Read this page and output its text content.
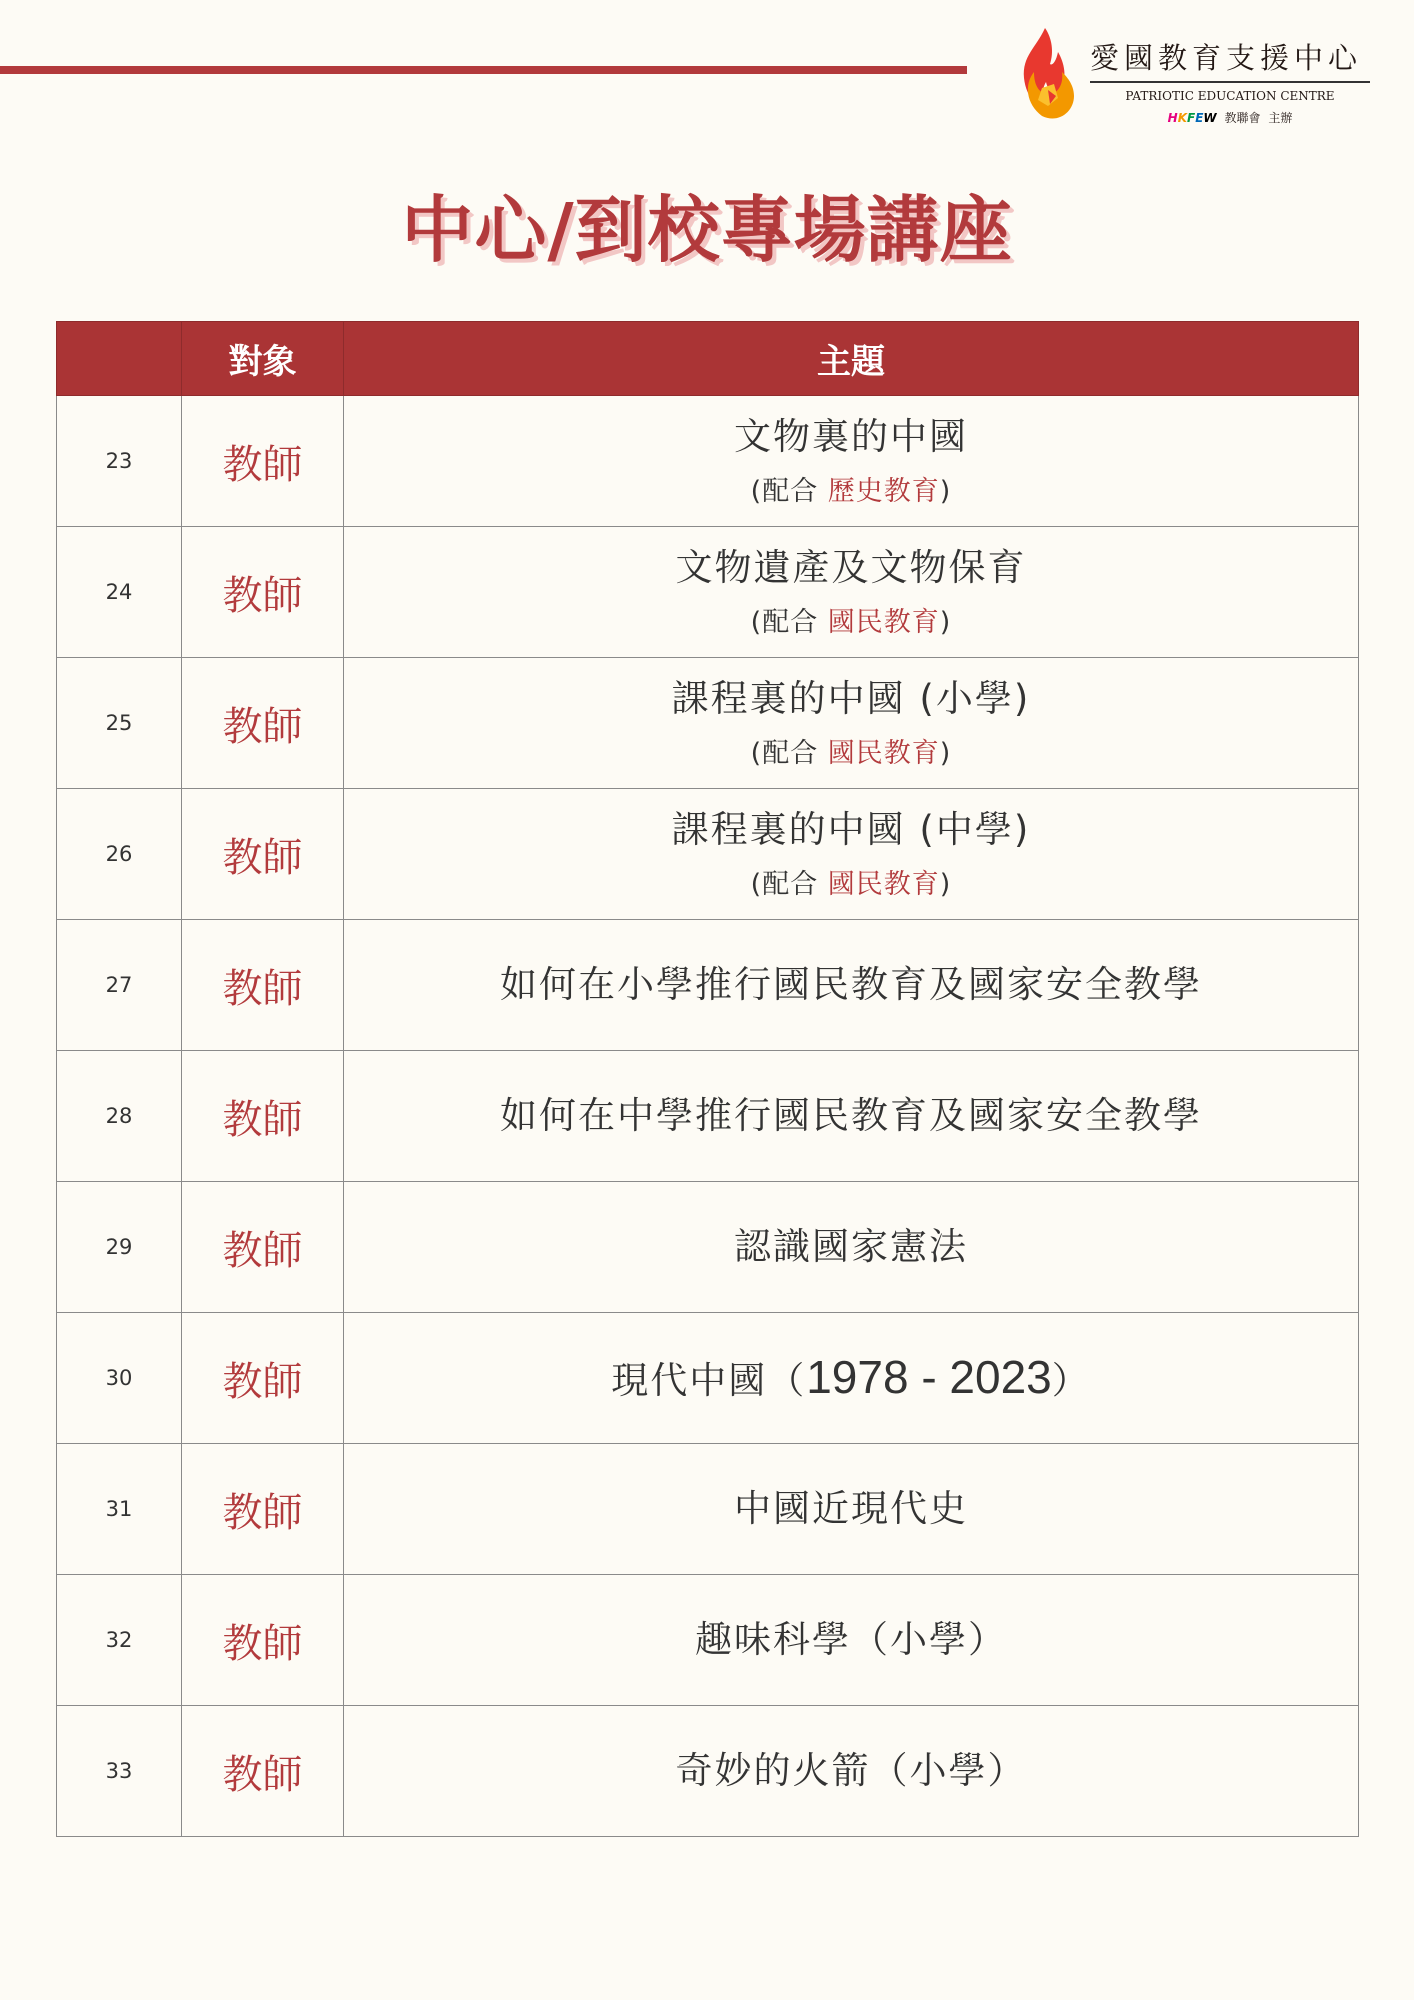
愛國教育支援中心
PATRIOTIC EDUCATION CENTRE
HKFEW 教聯會 主辦
中心/到校專場講座
	對象	主題
23	教師	文物裏的中國
(配合 歷史教育)

24	教師	文物遺產及文物保育
(配合 國民教育)

25	教師	課程裏的中國 (小學)
(配合 國民教育)

26	教師	課程裏的中國 (中學)
(配合 國民教育)

27	教師	如何在小學推行國民教育及國家安全教學

28	教師	如何在中學推行國民教育及國家安全教學

29	教師	認識國家憲法

30	教師	現代中國（1978 - 2023）

31	教師	中國近現代史

32	教師	趣味科學（小學）

33	教師	奇妙的火箭（小學）
